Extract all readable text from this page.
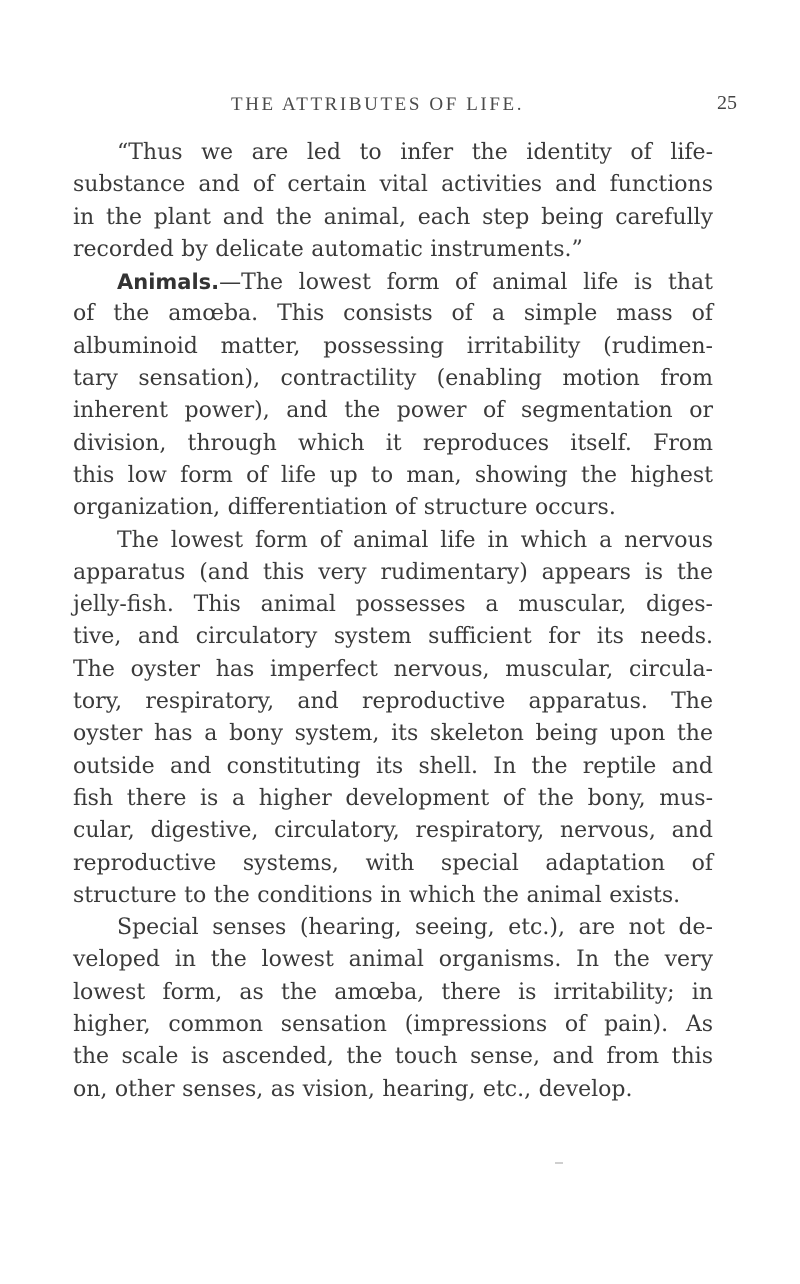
THE ATTRIBUTES OF LIFE.	25
“Thus we are led to infer the identity of life-
substance and of certain vital activities and functions
in the plant and the animal, each step being carefully
recorded by delicate automatic instruments.”
Animals.—The lowest form of animal life is that
of the amœba. This consists of a simple mass of
albuminoid matter, possessing irritability (rudimen-
tary sensation), contractility (enabling motion from
inherent power), and the power of segmentation or
division, through which it reproduces itself. From
this low form of life up to man, showing the highest
organization, differentiation of structure occurs.
The lowest form of animal life in which a nervous
apparatus (and this very rudimentary) appears is the
jelly-fish. This animal possesses a muscular, diges-
tive, and circulatory system sufficient for its needs.
The oyster has imperfect nervous, muscular, circula-
tory, respiratory, and reproductive apparatus. The
oyster has a bony system, its skeleton being upon the
outside and constituting its shell. In the reptile and
fish there is a higher development of the bony, mus-
cular, digestive, circulatory, respiratory, nervous, and
reproductive systems, with special adaptation of
structure to the conditions in which the animal exists.
Special senses (hearing, seeing, etc.), are not de-
veloped in the lowest animal organisms. In the very
lowest form, as the amœba, there is irritability; in
higher, common sensation (impressions of pain). As
the scale is ascended, the touch sense, and from this
on, other senses, as vision, hearing, etc., develop.
